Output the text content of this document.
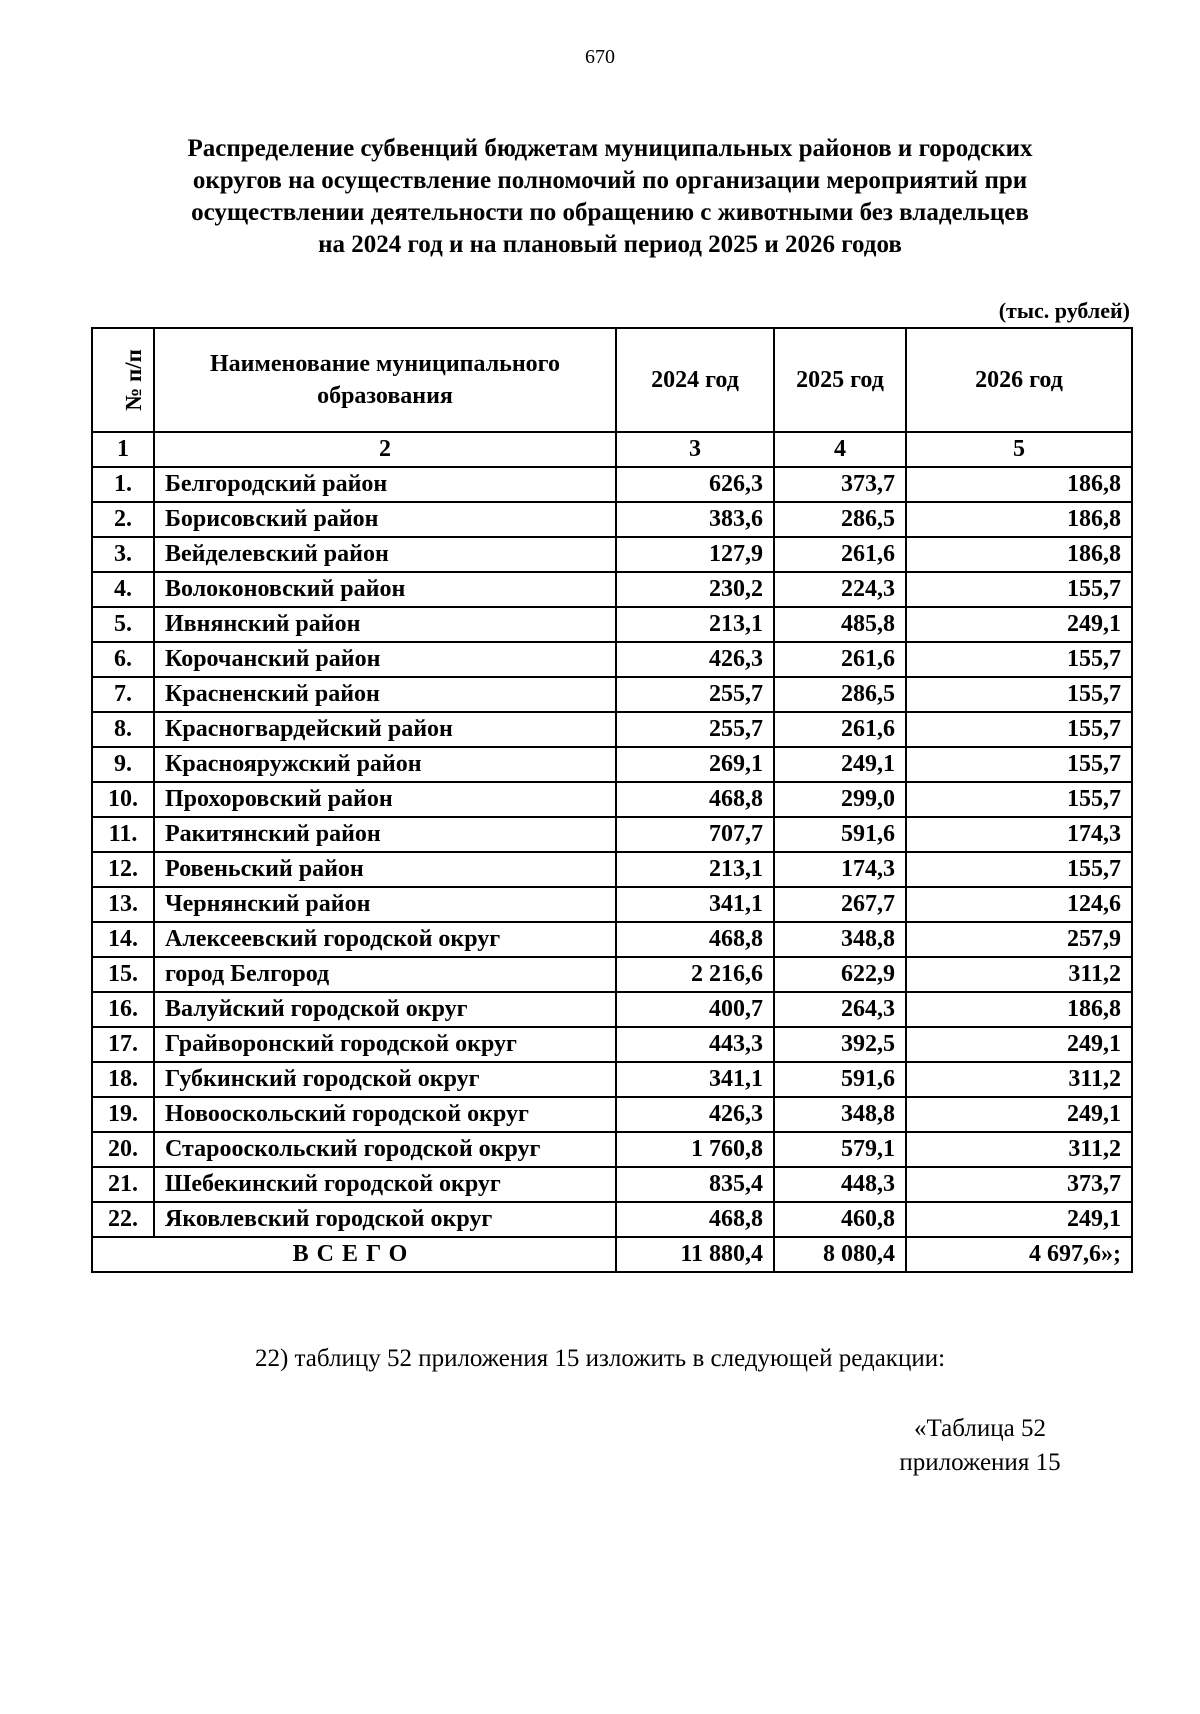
670
Распределение субвенций бюджетам муниципальных районов и городских
округов на осуществление полномочий по организации мероприятий при
осуществлении деятельности по обращению с животными без владельцев
на 2024 год и на плановый период 2025 и 2026 годов
(тыс. рублей)
№ п/п	Наименование муниципального образования	2024 год	2025 год	2026 год
1	2	3	4	5
1.	Белгородский район	626,3	373,7	186,8
2.	Борисовский район	383,6	286,5	186,8
3.	Вейделевский район	127,9	261,6	186,8
4.	Волоконовский район	230,2	224,3	155,7
5.	Ивнянский район	213,1	485,8	249,1
6.	Корочанский район	426,3	261,6	155,7
7.	Красненский район	255,7	286,5	155,7
8.	Красногвардейский район	255,7	261,6	155,7
9.	Краснояружский район	269,1	249,1	155,7
10.	Прохоровский район	468,8	299,0	155,7
11.	Ракитянский район	707,7	591,6	174,3
12.	Ровеньский район	213,1	174,3	155,7
13.	Чернянский район	341,1	267,7	124,6
14.	Алексеевский городской округ	468,8	348,8	257,9
15.	город Белгород	2 216,6	622,9	311,2
16.	Валуйский городской округ	400,7	264,3	186,8
17.	Грайворонский городской округ	443,3	392,5	249,1
18.	Губкинский городской округ	341,1	591,6	311,2
19.	Новооскольский городской округ	426,3	348,8	249,1
20.	Старооскольский городской округ	1 760,8	579,1	311,2
21.	Шебекинский городской округ	835,4	448,3	373,7
22.	Яковлевский городской округ	468,8	460,8	249,1
ВСЕГО		11 880,4	8 080,4	4 697,6»;
22) таблицу 52 приложения 15 изложить в следующей редакции:
«Таблица 52
приложения 15
